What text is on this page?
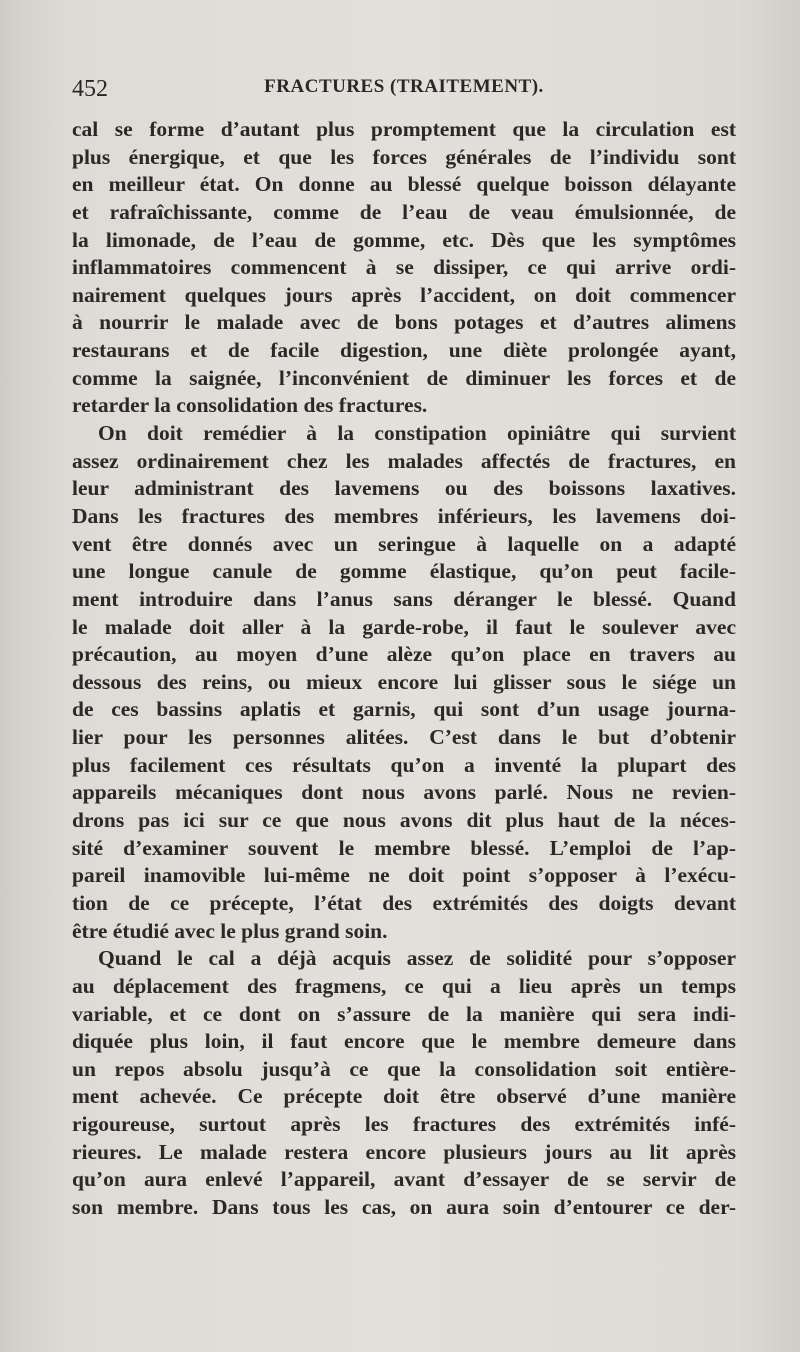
452	FRACTURES (TRAITEMENT).
cal se forme d’autant plus promptement que la circulation est
plus énergique, et que les forces générales de l’individu sont
en meilleur état. On donne au blessé quelque boisson délayante
et rafraîchissante, comme de l’eau de veau émulsionnée, de
la limonade, de l’eau de gomme, etc. Dès que les symptômes
inflammatoires commencent à se dissiper, ce qui arrive ordi-
nairement quelques jours après l’accident, on doit commencer
à nourrir le malade avec de bons potages et d’autres alimens
restaurans et de facile digestion, une diète prolongée ayant,
comme la saignée, l’inconvénient de diminuer les forces et de
retarder la consolidation des fractures.
On doit remédier à la constipation opiniâtre qui survient
assez ordinairement chez les malades affectés de fractures, en
leur administrant des lavemens ou des boissons laxatives.
Dans les fractures des membres inférieurs, les lavemens doi-
vent être donnés avec un seringue à laquelle on a adapté
une longue canule de gomme élastique, qu’on peut facile-
ment introduire dans l’anus sans déranger le blessé. Quand
le malade doit aller à la garde-robe, il faut le soulever avec
précaution, au moyen d’une alèze qu’on place en travers au
dessous des reins, ou mieux encore lui glisser sous le siége un
de ces bassins aplatis et garnis, qui sont d’un usage journa-
lier pour les personnes alitées. C’est dans le but d’obtenir
plus facilement ces résultats qu’on a inventé la plupart des
appareils mécaniques dont nous avons parlé. Nous ne revien-
drons pas ici sur ce que nous avons dit plus haut de la néces-
sité d’examiner souvent le membre blessé. L’emploi de l’ap-
pareil inamovible lui-même ne doit point s’opposer à l’exécu-
tion de ce précepte, l’état des extrémités des doigts devant
être étudié avec le plus grand soin.
Quand le cal a déjà acquis assez de solidité pour s’opposer
au déplacement des fragmens, ce qui a lieu après un temps
variable, et ce dont on s’assure de la manière qui sera indi-
diquée plus loin, il faut encore que le membre demeure dans
un repos absolu jusqu’à ce que la consolidation soit entière-
ment achevée. Ce précepte doit être observé d’une manière
rigoureuse, surtout après les fractures des extrémités infé-
rieures. Le malade restera encore plusieurs jours au lit après
qu’on aura enlevé l’appareil, avant d’essayer de se servir de
son membre. Dans tous les cas, on aura soin d’entourer ce der-
